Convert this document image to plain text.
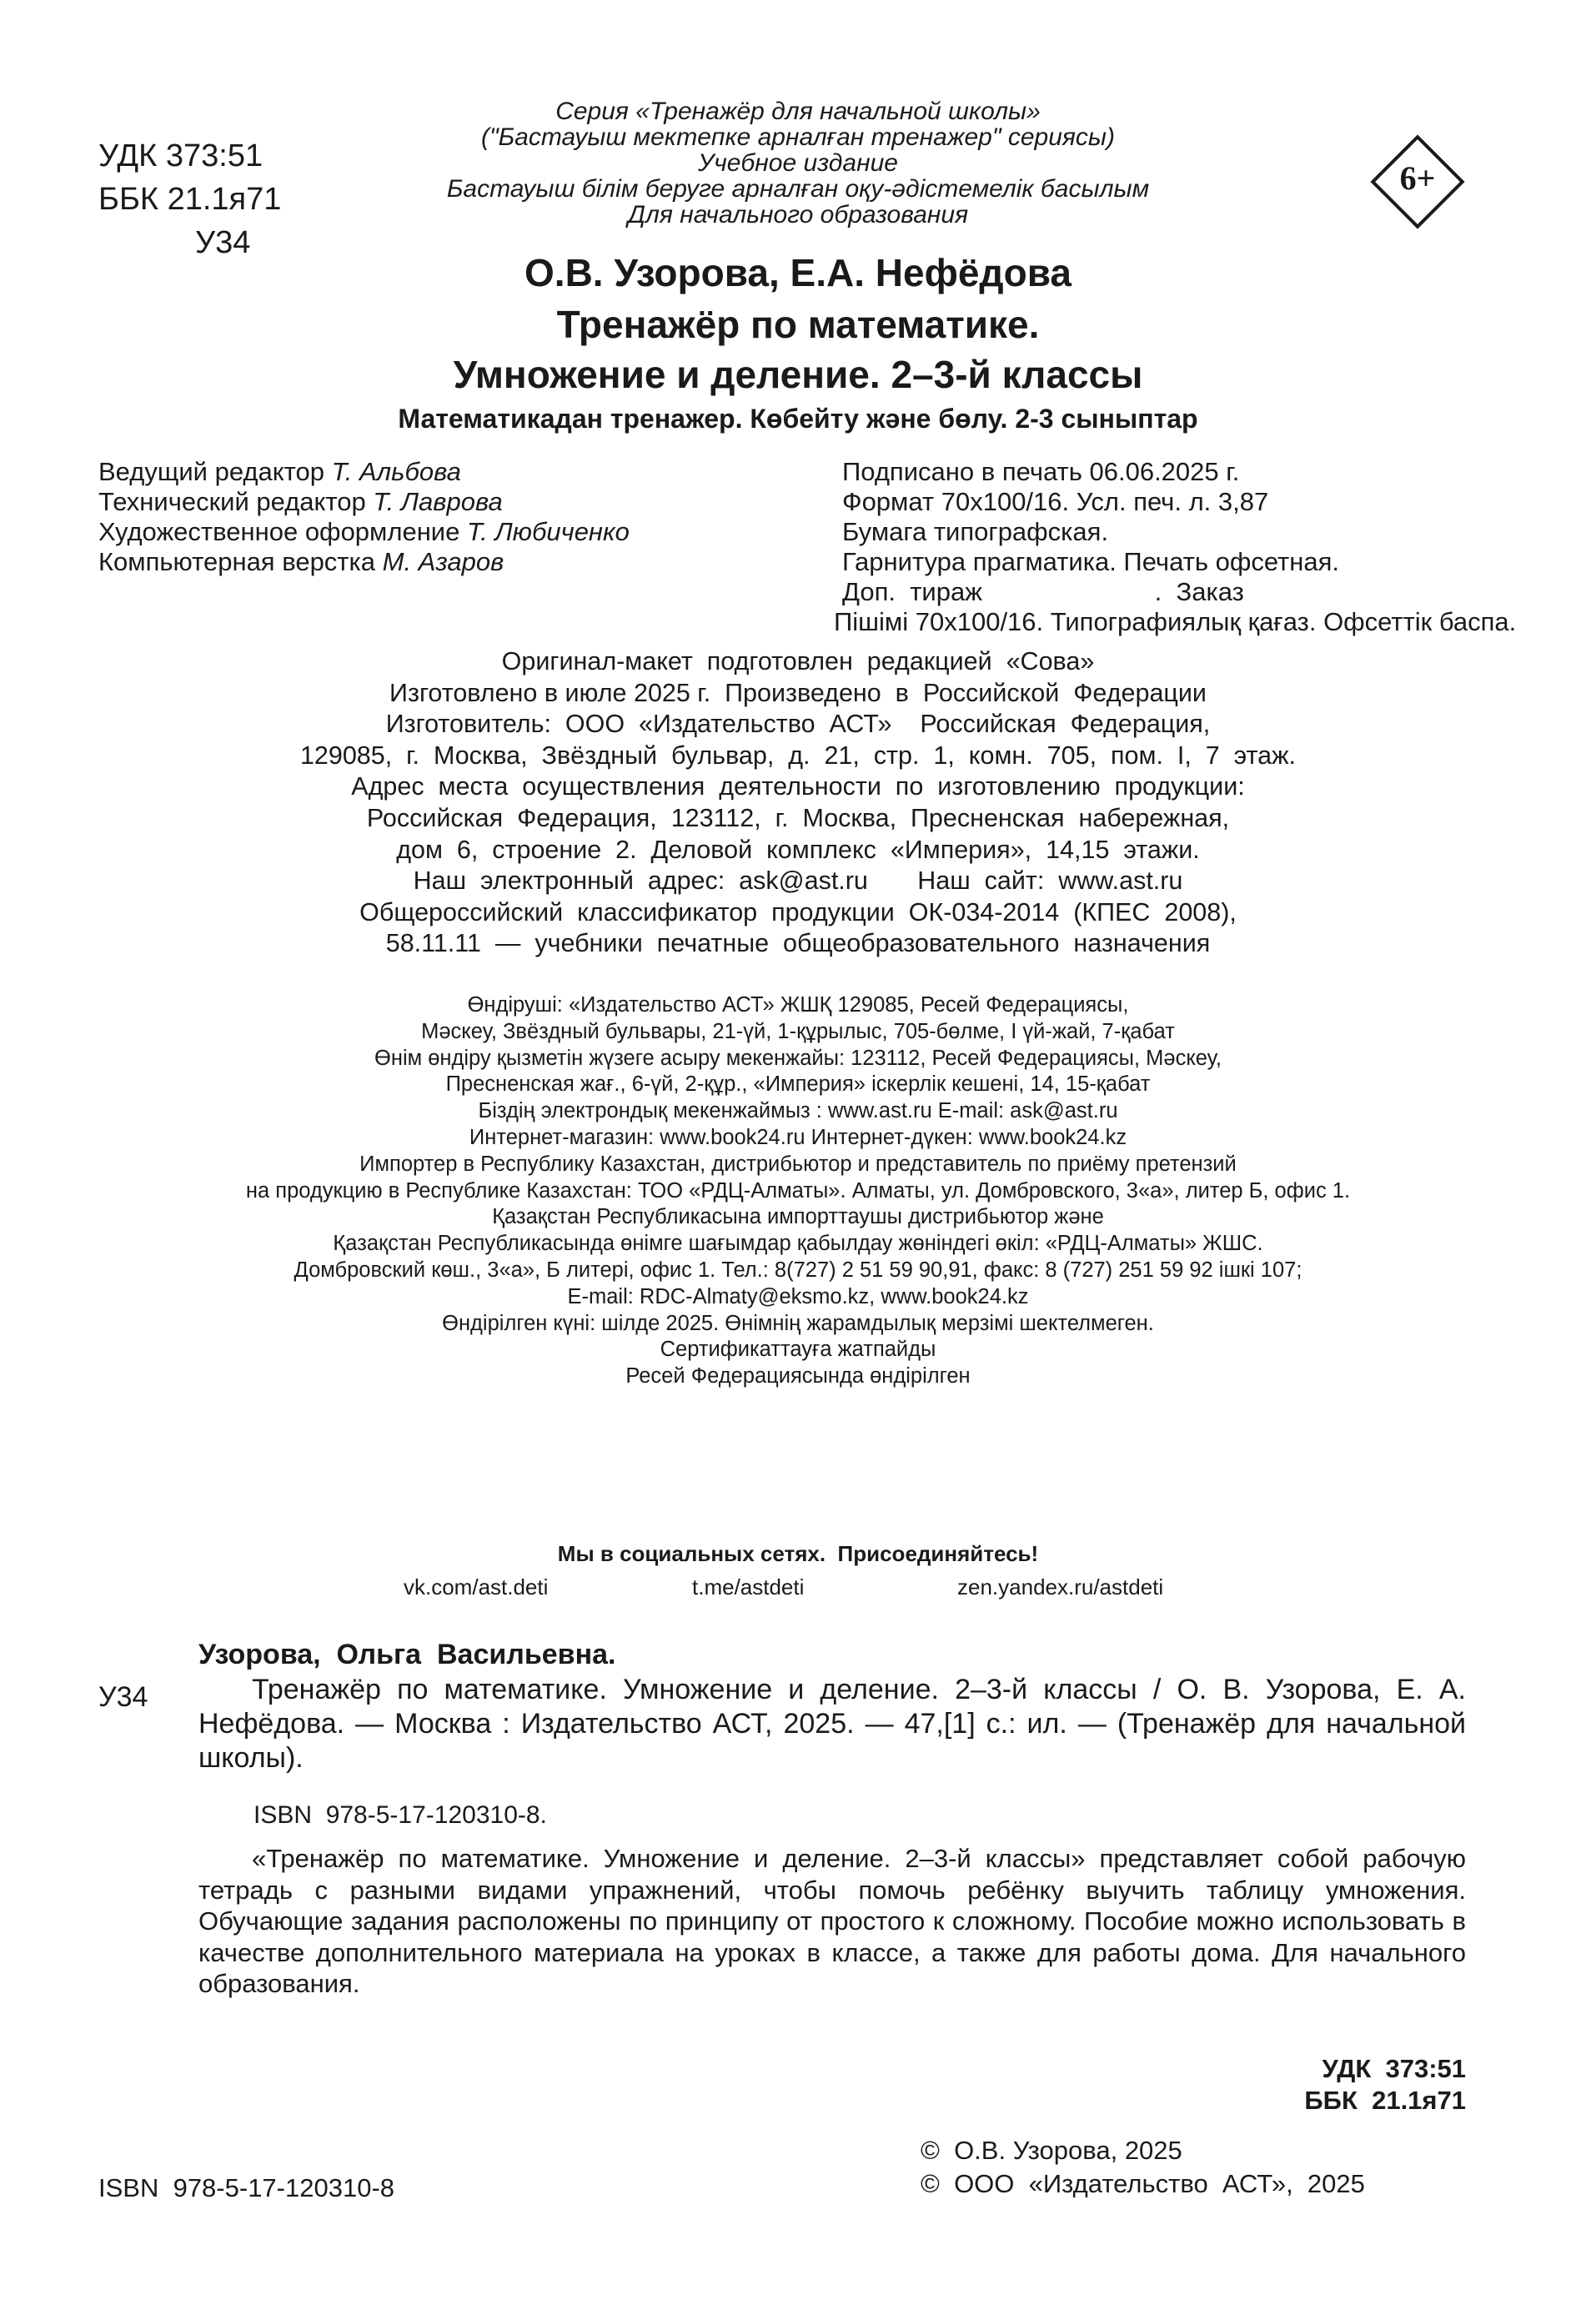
УДК 373:51
ББК 21.1я71
У34
Серия «Тренажёр для начальной школы»
("Бастауыш мектепке арналған тренажер" сериясы)
Учебное издание
Бастауыш білім беруге арналған оқу-әдістемелік басылым
Для начального образования
6+
О.В. Узорова, Е.А. Нефёдова
Тренажёр по математике.
Умножение и деление. 2–3-й классы
Математикадан тренажер. Көбейту және бөлу. 2-3 сыныптар
Ведущий редактор Т. Альбова
Технический редактор Т. Лаврова
Художественное оформление Т. Любиченко
Компьютерная верстка М. Азаров
Подписано в печать 06.06.2025 г.
Формат 70х100/16. Усл. печ. л. 3,87
Бумага типографская.
Гарнитура прагматика. Печать офсетная.
Доп.  тираж                        .  Заказ
Пішімі 70х100/16. Типографиялық қағаз. Офсеттік баспа.
Оригинал-макет  подготовлен  редакцией  «Сова»
Изготовлено в июле 2025 г.  Произведено  в  Российской  Федерации
Изготовитель:  ООО  «Издательство  АСТ»    Российская  Федерация,
129085,  г.  Москва,  Звёздный  бульвар,  д.  21,  стр.  1,  комн.  705,  пом.  I,  7  этаж.
Адрес  места  осуществления  деятельности  по  изготовлению  продукции:
Российская  Федерация,  123112,  г.  Москва,  Пресненская  набережная,
дом  6,  строение  2.  Деловой  комплекс  «Империя»,  14,15  этажи.
Наш  электронный  адрес:  ask@ast.ru       Наш  сайт:  www.ast.ru
Общероссийский  классификатор  продукции  ОК-034-2014  (КПЕС  2008),
58.11.11  —  учебники  печатные  общеобразовательного  назначения
Өндіруші: «Издательство АСТ» ЖШҚ 129085, Ресей Федерациясы,
Мәскеу, Звёздный бульвары, 21-үй, 1-құрылыс, 705-бөлме, I үй-жай, 7-қабат
Өнім өндіру қызметін жүзеге асыру мекенжайы: 123112, Ресей Федерациясы, Мәскеу,
Пресненская жағ., 6-үй, 2-құр., «Империя» іскерлік кешені, 14, 15-қабат
Біздің электрондық мекенжаймыз : www.ast.ru E-mail: ask@ast.ru
Интернет-магазин: www.book24.ru Интернет-дүкен: www.book24.kz
Импортер в Республику Казахстан, дистрибьютор и представитель по приёму претензий
на продукцию в Республике Казахстан: ТОО «РДЦ-Алматы». Алматы, ул. Домбровского, 3«а», литер Б, офис 1.
Қазақстан Республикасына импорттаушы дистрибьютор және
Қазақстан Республикасында өнімге шағымдар қабылдау жөніндегі өкіл: «РДЦ-Алматы» ЖШС.
Домбровский көш., 3«а», Б литері, офис 1. Тел.: 8(727) 2 51 59 90,91, факс: 8 (727) 251 59 92 ішкі 107;
E-mail: RDC-Almaty@eksmo.kz, www.book24.kz
Өндірілген күні: шілде 2025. Өнімнің жарамдылық мерзімі шектелмеген.
Сертификаттауға жатпайды
Ресей Федерациясында өндірілген
Мы в социальных сетях.  Присоединяйтесь!
vk.com/ast.deti	t.me/astdeti	zen.yandex.ru/astdeti
У34
Узорова,  Ольга  Васильевна.
Тренажёр по математике. Умножение и деление. 2–3-й классы / О. В. Узорова, Е. А. Нефёдова. — Москва : Издательство АСТ, 2025. — 47,[1] с.: ил. — (Тренажёр для начальной школы).
ISBN  978-5-17-120310-8.
«Тренажёр по математике. Умножение и деление. 2–3-й классы» представляет собой рабочую тетрадь с разными видами упражнений, чтобы помочь ребёнку выучить таблицу умножения. Обучающие задания расположены по принципу от простого к сложному. Пособие можно использовать в качестве дополнительного материала на уроках в классе, а также для работы дома. Для начального образования.
УДК  373:51
ББК  21.1я71
©  О.В. Узорова, 2025
©  ООО  «Издательство  АСТ»,  2025
ISBN  978-5-17-120310-8
